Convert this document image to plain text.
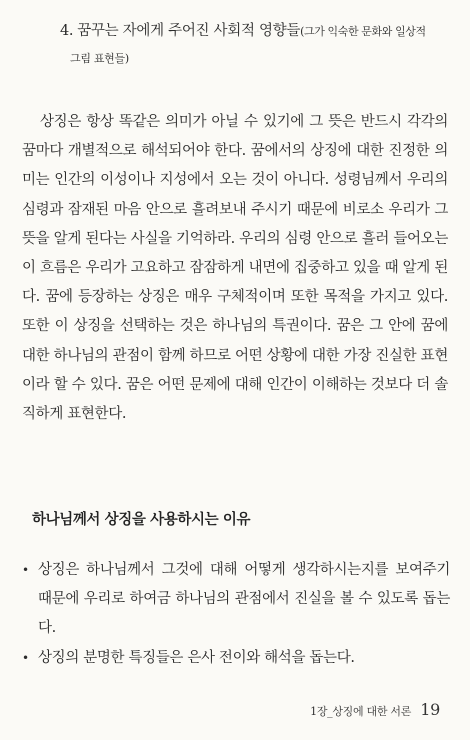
4. 꿈꾸는 자에게 주어진 사회적 영향들(그가 익숙한 문화와 일상적
그림 표현들)

상징은 항상 똑같은 의미가 아닐 수 있기에 그 뜻은 반드시 각각의 꿈마다 개별적으로 해석되어야 한다. 꿈에서의 상징에 대한 진정한 의미는 인간의 이성이나 지성에서 오는 것이 아니다. 성령님께서 우리의 심령과 잠재된 마음 안으로 흘려보내 주시기 때문에 비로소 우리가 그 뜻을 알게 된다는 사실을 기억하라. 우리의 심령 안으로 흘러 들어오는 이 흐름은 우리가 고요하고 잠잠하게 내면에 집중하고 있을 때 알게 된다. 꿈에 등장하는 상징은 매우 구체적이며 또한 목적을 가지고 있다. 또한 이 상징을 선택하는 것은 하나님의 특권이다. 꿈은 그 안에 꿈에 대한 하나님의 관점이 함께 하므로 어떤 상황에 대한 가장 진실한 표현이라 할 수 있다. 꿈은 어떤 문제에 대해 인간이 이해하는 것보다 더 솔직하게 표현한다.

하나님께서 상징을 사용하시는 이유
• 상징은 하나님께서 그것에 대해 어떻게 생각하시는지를 보여주기 때문에 우리로 하여금 하나님의 관점에서 진실을 볼 수 있도록 돕는다.
• 상징의 분명한 특징들은 은사 전이와 해석을 돕는다.
1장_상징에 대한 서론 19
